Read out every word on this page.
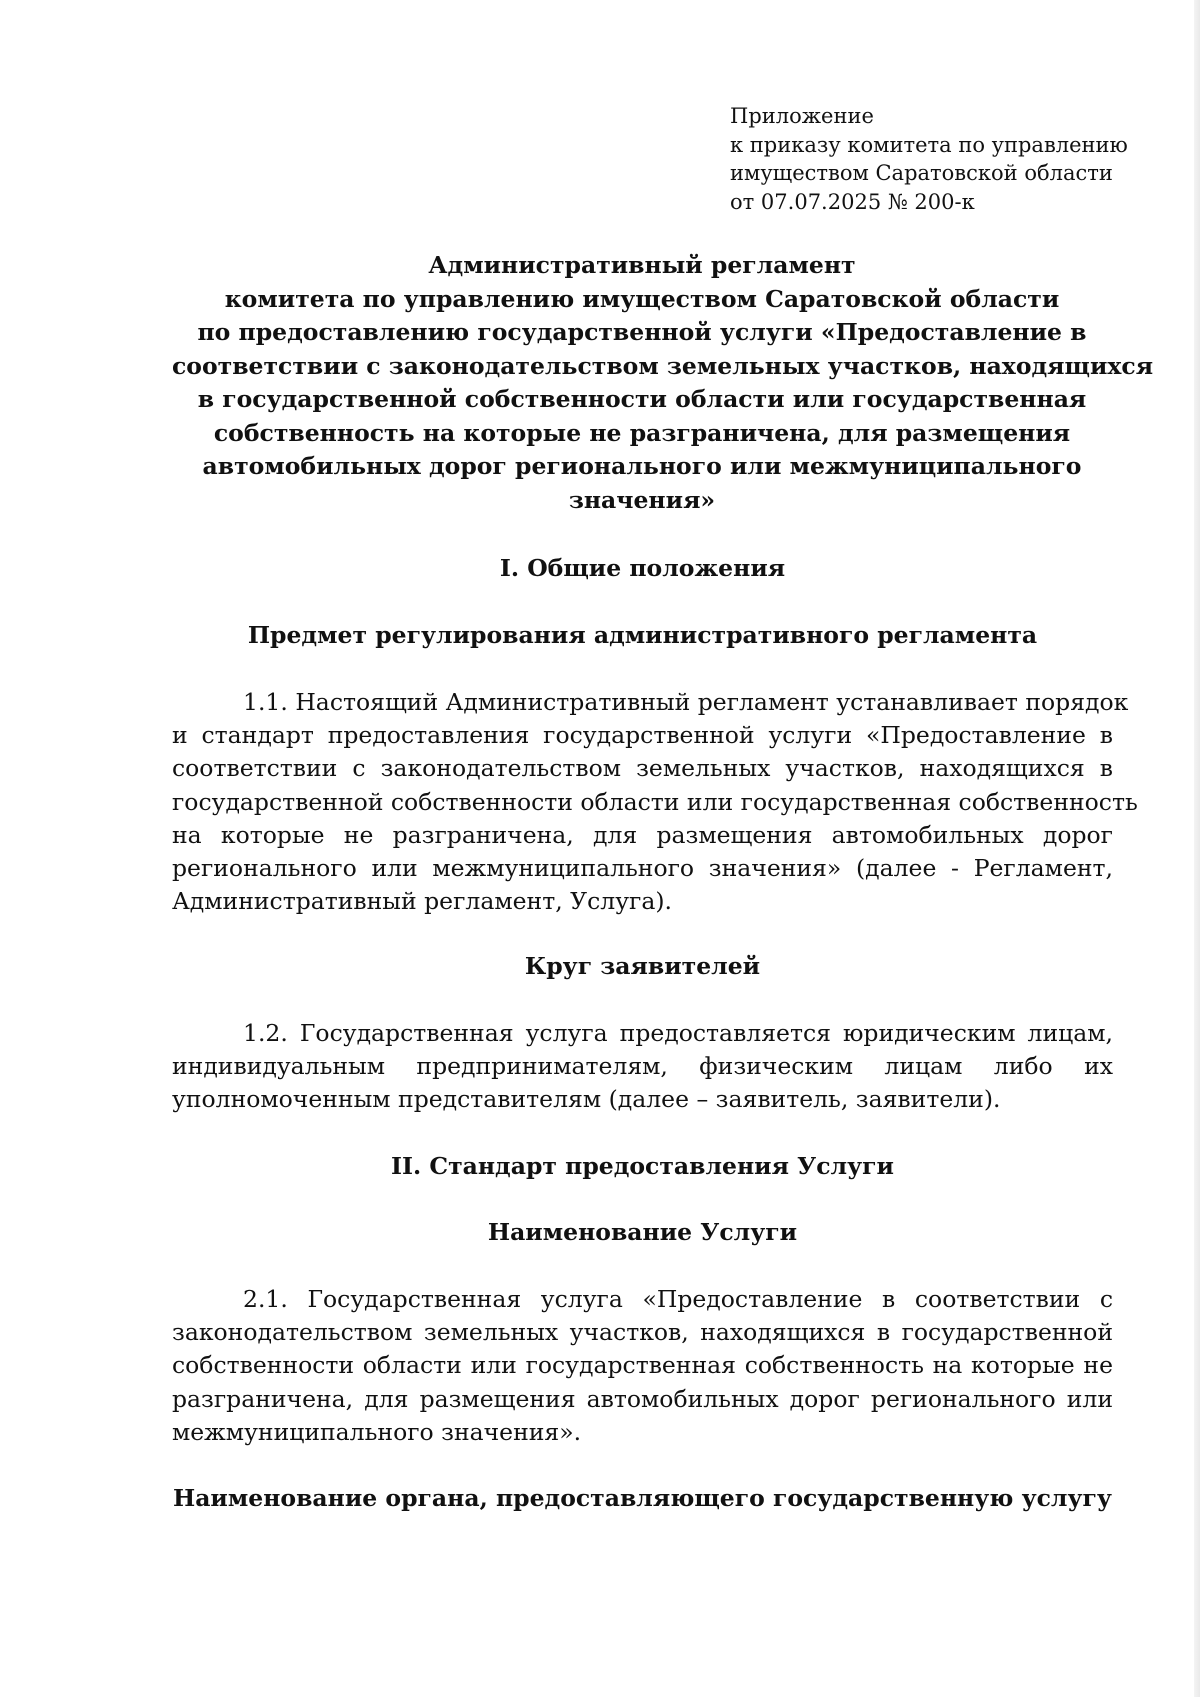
Приложение
к приказу комитета по управлению
имуществом Саратовской области
от 07.07.2025 № 200-к
Административный регламент
комитета по управлению имуществом Саратовской области
по предоставлению государственной услуги «Предоставление в
соответствии с законодательством земельных участков, находящихся
в государственной собственности области или государственная
собственность на которые не разграничена, для размещения
автомобильных дорог регионального или межмуниципального
значения»
I. Общие положения
Предмет регулирования административного регламента
1.1. Настоящий Административный регламент устанавливает порядок
и стандарт предоставления государственной услуги «Предоставление в
соответствии с законодательством земельных участков, находящихся в
государственной собственности области или государственная собственность
на которые не разграничена, для размещения автомобильных дорог
регионального или межмуниципального значения» (далее - Регламент,
Административный регламент, Услуга).
Круг заявителей
1.2. Государственная услуга предоставляется юридическим лицам,
индивидуальным предпринимателям, физическим лицам либо их
уполномоченным представителям (далее – заявитель, заявители).
II. Стандарт предоставления Услуги
Наименование Услуги
2.1. Государственная услуга «Предоставление в соответствии с
законодательством земельных участков, находящихся в государственной
собственности области или государственная собственность на которые не
разграничена, для размещения автомобильных дорог регионального или
межмуниципального значения».
Наименование органа, предоставляющего государственную услугу
